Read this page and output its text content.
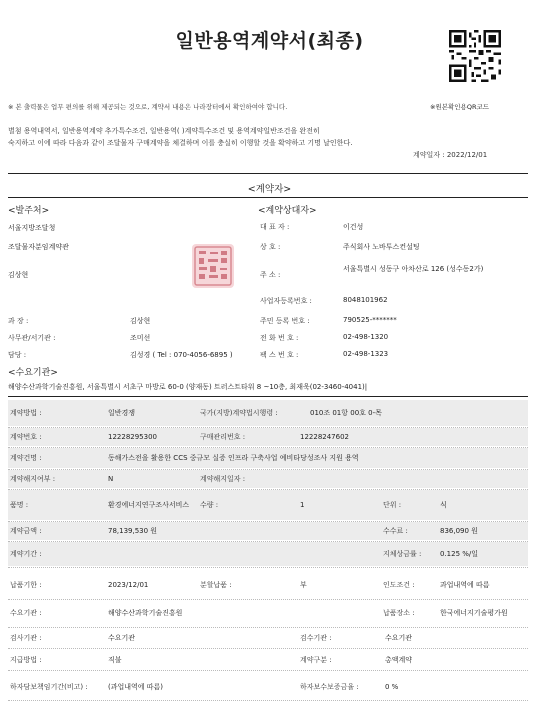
일반용역계약서(최종)
※원본확인용QR코드
※ 본 출력물은 업무 편의를 위해 제공되는 것으로, 계약서 내용은 나라장터에서 확인하여야 합니다.
별첨 용역내역서, 일반용역계약 추가특수조건, 일반용역( )계약특수조건 및 용역계약일반조건을 완전히
숙지하고 이에 따라 다음과 같이 조달물자 구매계약을 체결하며 이를 충실히 이행할 것을 확약하고 기명 날인한다.
계약일자 : 2022/12/01
<계약자>
<발주처>
서울지방조달청
조달물자분임계약관
김상현
과 장 :	김상현
사무관/서기관 :	조미선
담당 :	김성경 ( Tel : 070-4056-6895 )
<계약상대자>
대 표 자 :	이건성
상 호 :	주식회사 노바투스컨설팅
주 소 :
서울특별시 성동구 아차산로 126 (성수동2가)
사업자등록번호 :	8048101962
주민 등록 번호 :	790525-*******
전 화 번 호 :	02-498-1320
팩 스 번 호 :	02-498-1323
<수요기관>
해양수산과학기술진흥원, 서울특별시 서초구 마방로 60-0 (양재동) 트러스트타워 8 ~10층, 최재욱(02-3460-4041)|
계약방법 :	일반경쟁	국가(지방)계약법시행령 :	010조 01항 00호 0-목
계약번호 :	12228295300	구매관리번호 :	12228247602
계약건명 :	동해가스전을 활용한 CCS 중규모 실증 인프라 구축사업 예비타당성조사 지원 용역
계약해지여부 :	N	계약해지일자 :
품명 :	환경에너지연구조사서비스	수량 :	1	단위 :	식
계약금액 :	78,139,530 원	수수료 :	836,090 원
계약기간 :	지체상금률 :	0.125 %/일
납품기한 :	2023/12/01	분할납품 :	부	인도조건 :	과업내역에 따름
수요기관 :	해양수산과학기술진흥원	납품장소 :	한국에너지기술평가원
검사기관 :	수요기관	검수기관 :	수요기관
지급방법 :	직불	계약구분 :	총액계약
하자담보책임기간(비고) :	(과업내역에 따름)	하자보수보증금율 :	0 %
